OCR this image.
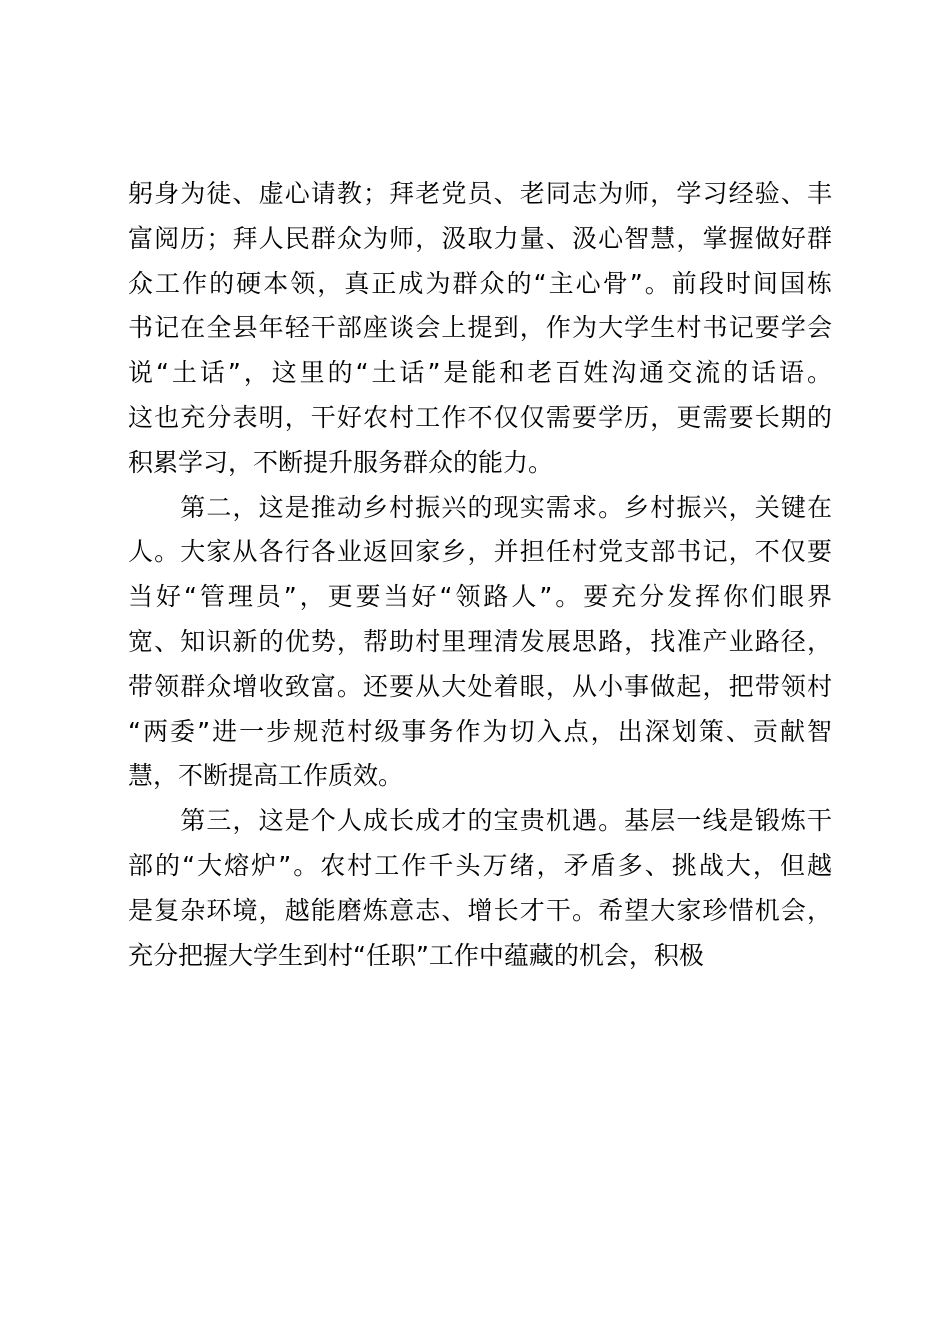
躬身为徒、虚心请教；拜老党员、老同志为师，学习经验、丰
富阅历；拜人民群众为师，汲取力量、汲心智慧，掌握做好群
众工作的硬本领，真正成为群众的“主心骨”。前段时间国栋
书记在全县年轻干部座谈会上提到，作为大学生村书记要学会
说“土话”，这里的“土话”是能和老百姓沟通交流的话语。
这也充分表明，干好农村工作不仅仅需要学历，更需要长期的
积累学习，不断提升服务群众的能力。
　　第二，这是推动乡村振兴的现实需求。乡村振兴，关键在
人。大家从各行各业返回家乡，并担任村党支部书记，不仅要
当好“管理员”，更要当好“领路人”。要充分发挥你们眼界
宽、知识新的优势，帮助村里理清发展思路，找准产业路径，
带领群众增收致富。还要从大处着眼，从小事做起，把带领村
“两委”进一步规范村级事务作为切入点，出深划策、贡献智
慧，不断提高工作质效。
　　第三，这是个人成长成才的宝贵机遇。基层一线是锻炼干
部的“大熔炉”。农村工作千头万绪，矛盾多、挑战大，但越
是复杂环境，越能磨炼意志、增长才干。希望大家珍惜机会，
充分把握大学生到村“任职”工作中蕴藏的机会，积极
